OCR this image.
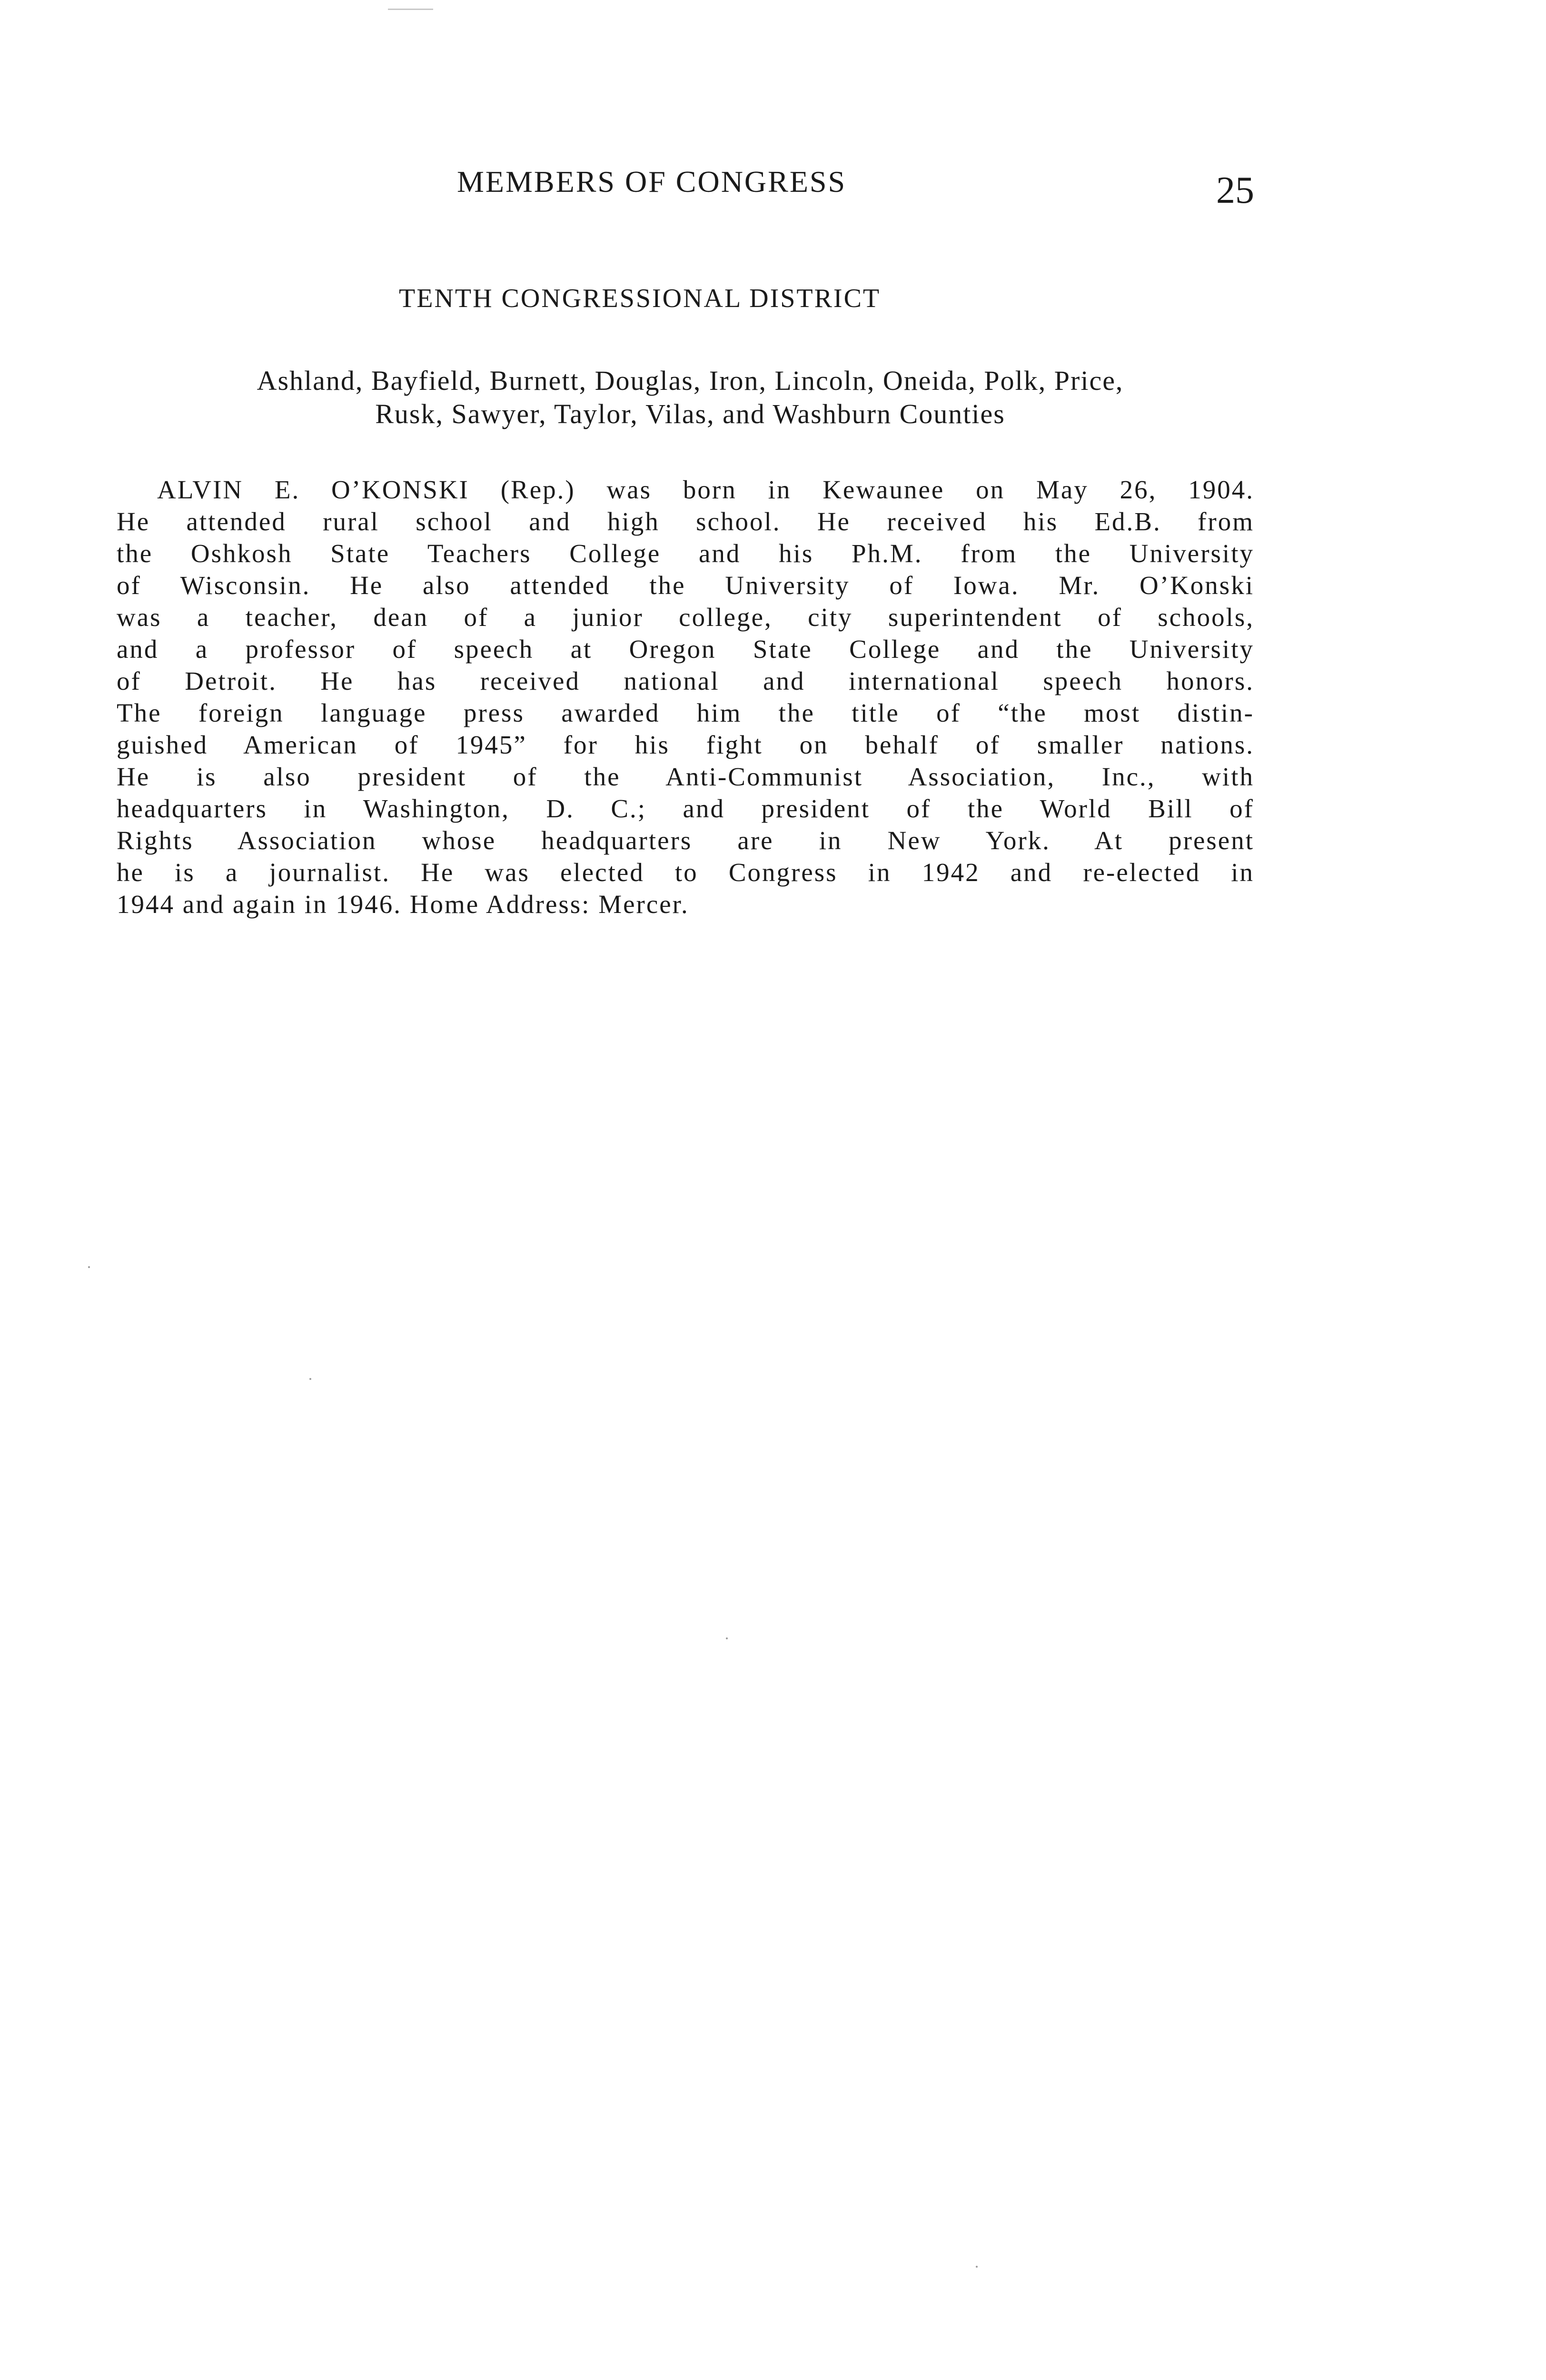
MEMBERS OF CONGRESS	25
TENTH CONGRESSIONAL DISTRICT
Ashland, Bayfield, Burnett, Douglas, Iron, Lincoln, Oneida, Polk, Price,
Rusk, Sawyer, Taylor, Vilas, and Washburn Counties
ALVIN E. O’KONSKI (Rep.) was born in Kewaunee on May 26, 1904.
He attended rural school and high school. He received his Ed.B. from
the Oshkosh State Teachers College and his Ph.M. from the University
of Wisconsin. He also attended the University of Iowa. Mr. O’Konski
was a teacher, dean of a junior college, city superintendent of schools,
and a professor of speech at Oregon State College and the University
of Detroit. He has received national and international speech honors.
The foreign language press awarded him the title of “the most distin-
guished American of 1945” for his fight on behalf of smaller nations.
He is also president of the Anti-Communist Association, Inc., with
headquarters in Washington, D. C.; and president of the World Bill of
Rights Association whose headquarters are in New York. At present
he is a journalist. He was elected to Congress in 1942 and re-elected in
1944 and again in 1946. Home Address: Mercer.
